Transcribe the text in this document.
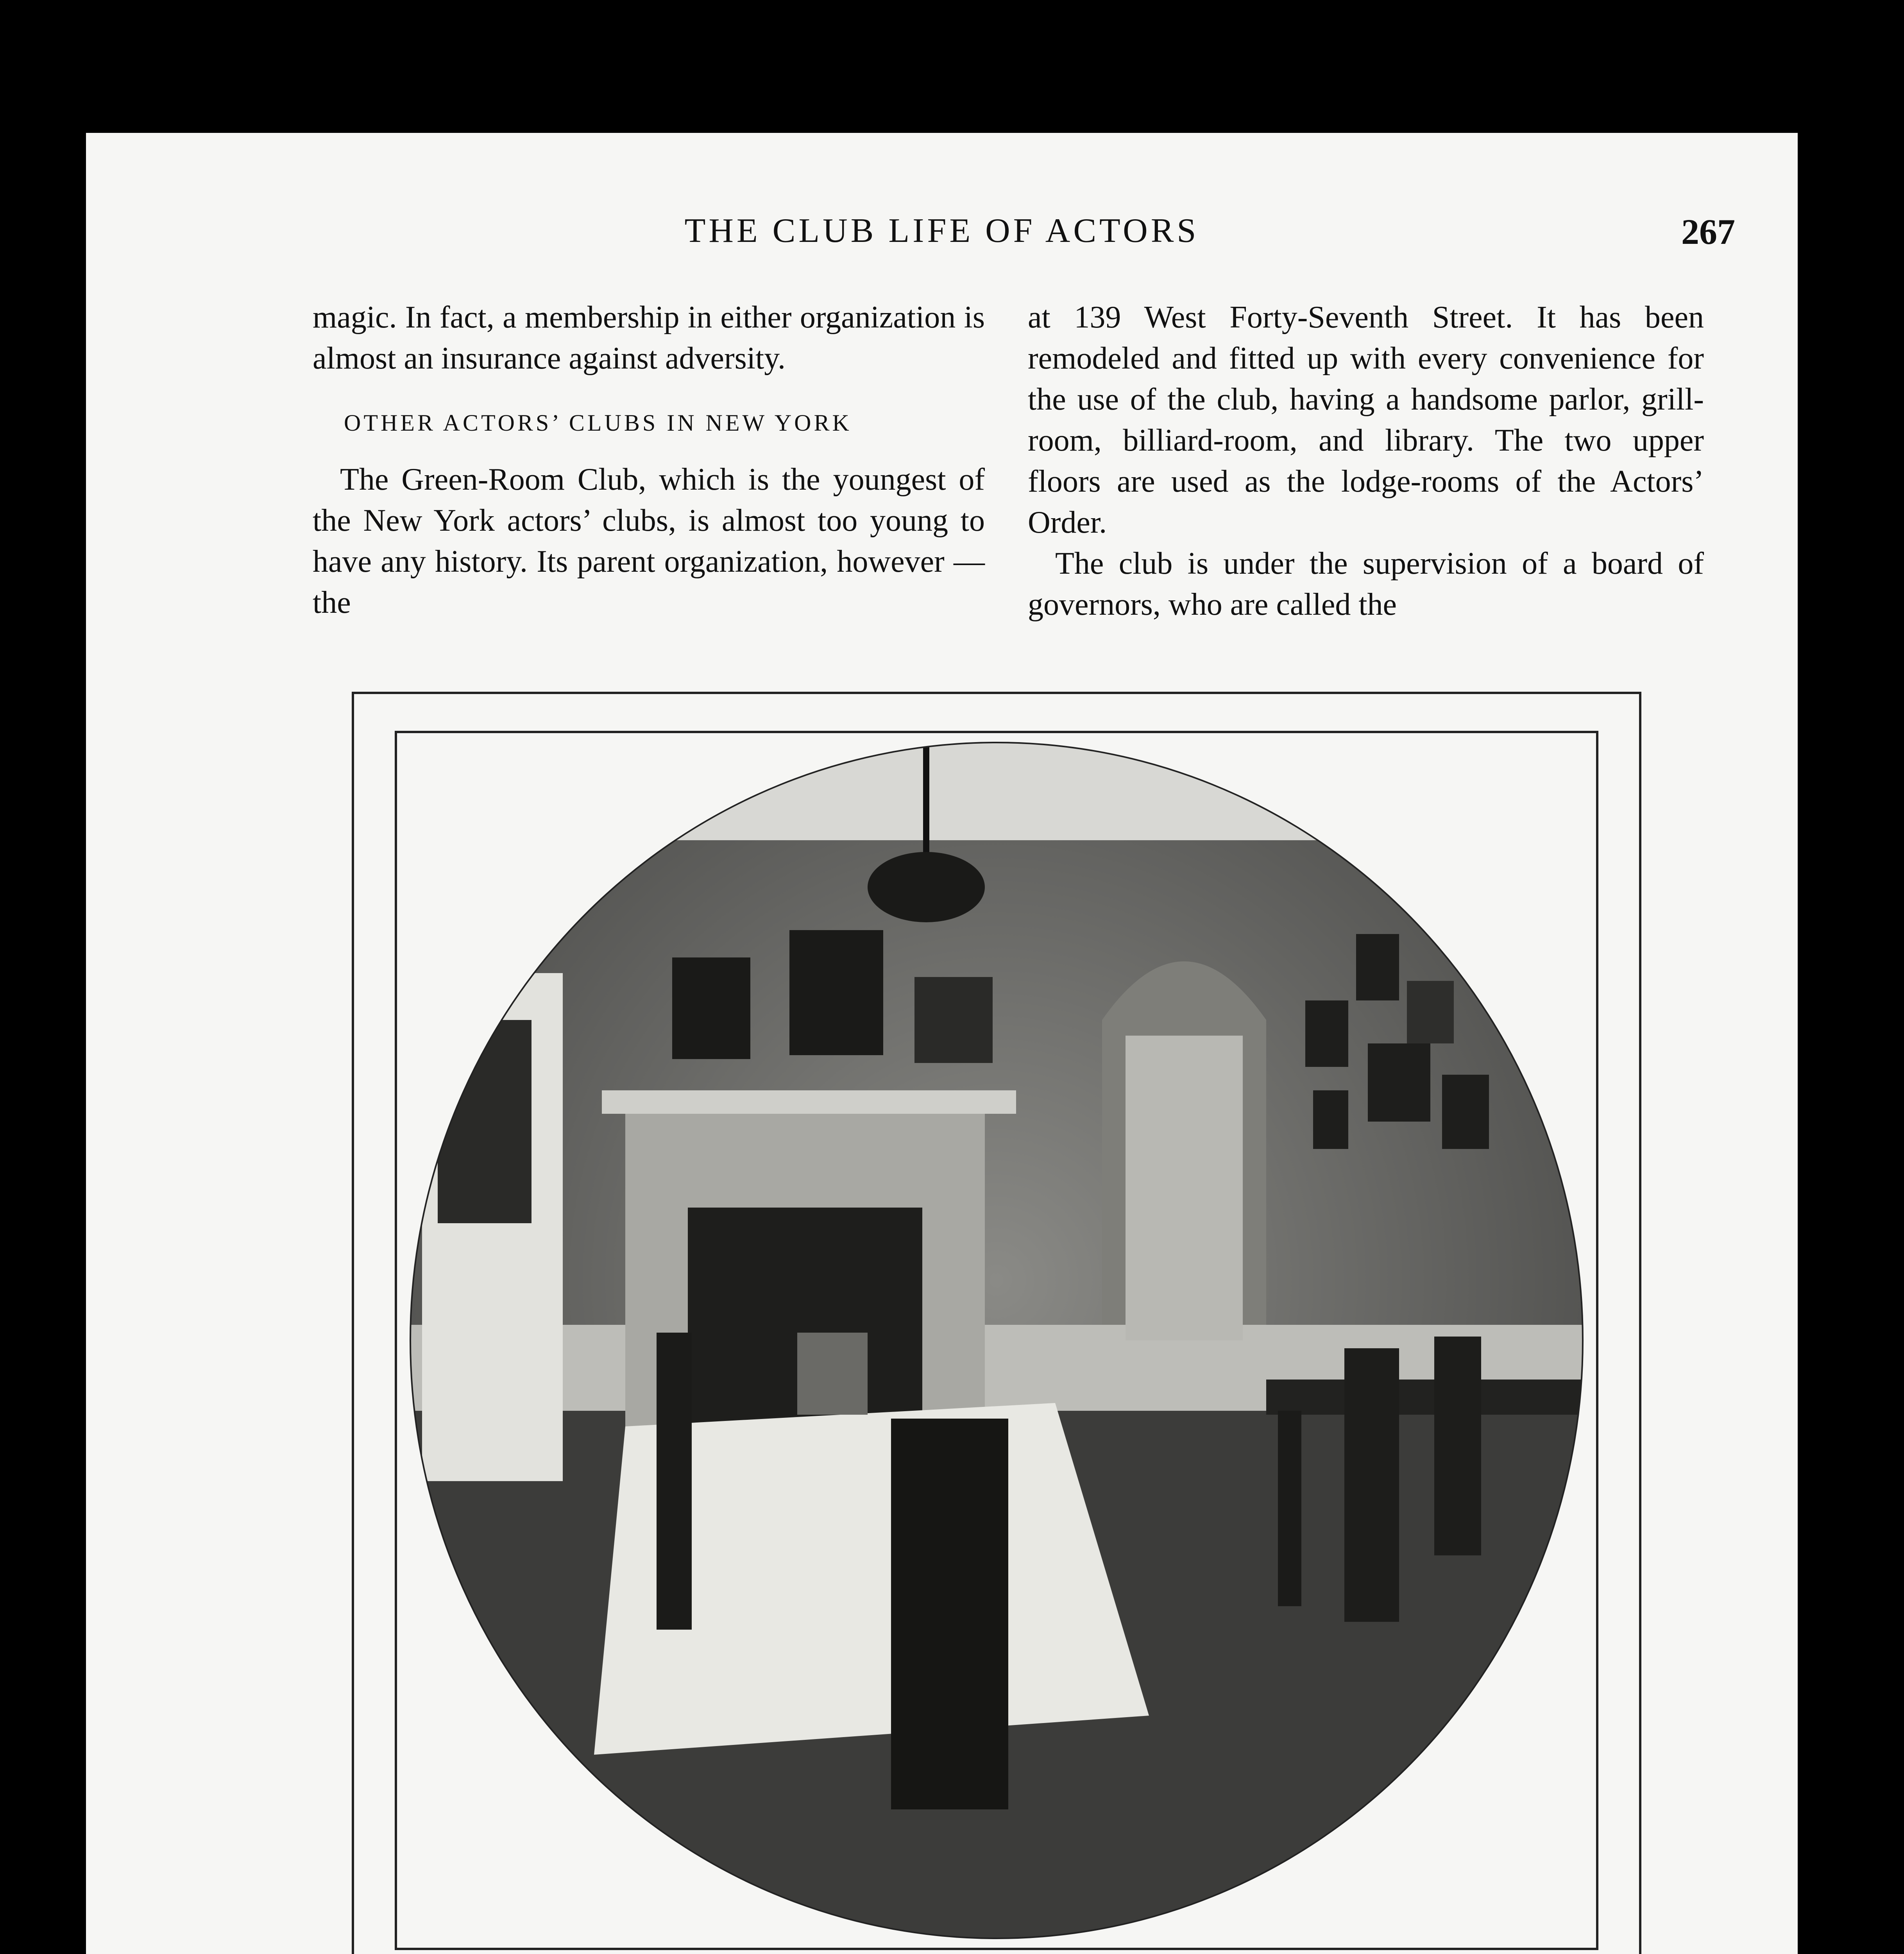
THE CLUB LIFE OF ACTORS	267

magic. In fact, a membership in either organization is almost an insurance against adversity.

OTHER ACTORS’ CLUBS IN NEW YORK

The Green-Room Club, which is the youngest of the New York actors’ clubs, is almost too young to have any history. Its parent organization, however — the

at 139 West Forty-Seventh Street. It has been remodeled and fitted up with every convenience for the use of the club, having a handsome parlor, grill-room, billiard-room, and library. The two upper floors are used as the lodge-rooms of the Actors’ Order.

The club is under the supervision of a board of governors, who are called the
